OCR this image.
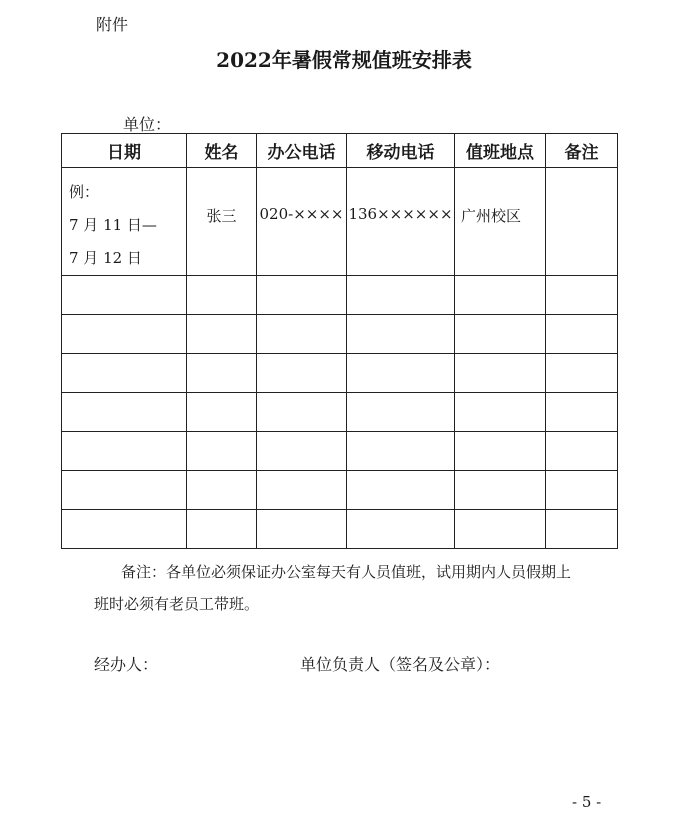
附件
2022年暑假常规值班安排表
单位：
日期	姓名	办公电话	移动电话	值班地点	备注

例：
7 月 11 日—
7 月 12 日	张三	020-××××	136××××××	广州校区	

备注：各单位必须保证办公室每天有人员值班，试用期内人员假期上
班时必须有老员工带班。
经办人：	单位负责人（签名及公章）：
- 5 -
